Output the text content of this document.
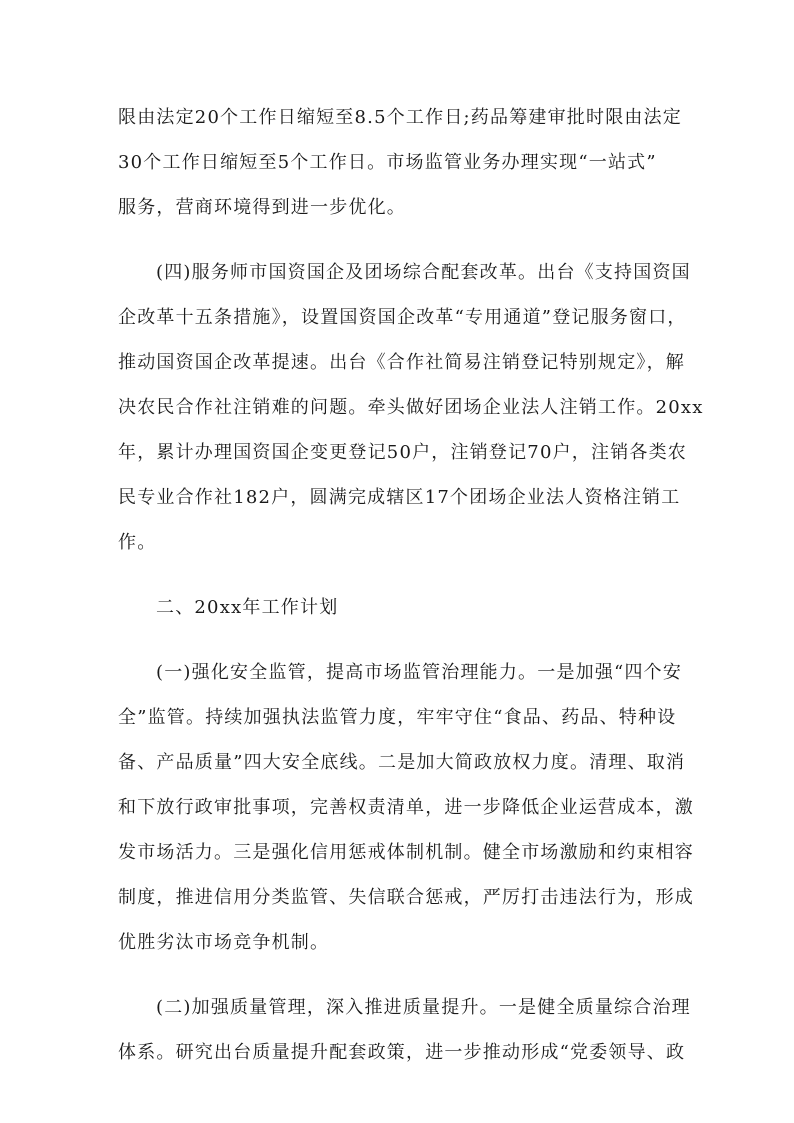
限由法定20个工作日缩短至8.5个工作日;药品筹建审批时限由法定
30个工作日缩短至5个工作日。市场监管业务办理实现“一站式”
服务，营商环境得到进一步优化。
(四)服务师市国资国企及团场综合配套改革。出台《支持国资国
企改革十五条措施》，设置国资国企改革“专用通道”登记服务窗口，
推动国资国企改革提速。出台《合作社简易注销登记特别规定》，解
决农民合作社注销难的问题。牵头做好团场企业法人注销工作。20xx
年，累计办理国资国企变更登记50户，注销登记70户，注销各类农
民专业合作社182户，圆满完成辖区17个团场企业法人资格注销工
作。
二、20xx年工作计划
(一)强化安全监管，提高市场监管治理能力。一是加强“四个安
全”监管。持续加强执法监管力度，牢牢守住“食品、药品、特种设
备、产品质量”四大安全底线。二是加大简政放权力度。清理、取消
和下放行政审批事项，完善权责清单，进一步降低企业运营成本，激
发市场活力。三是强化信用惩戒体制机制。健全市场激励和约束相容
制度，推进信用分类监管、失信联合惩戒，严厉打击违法行为，形成
优胜劣汰市场竞争机制。
(二)加强质量管理，深入推进质量提升。一是健全质量综合治理
体系。研究出台质量提升配套政策，进一步推动形成“党委领导、政
